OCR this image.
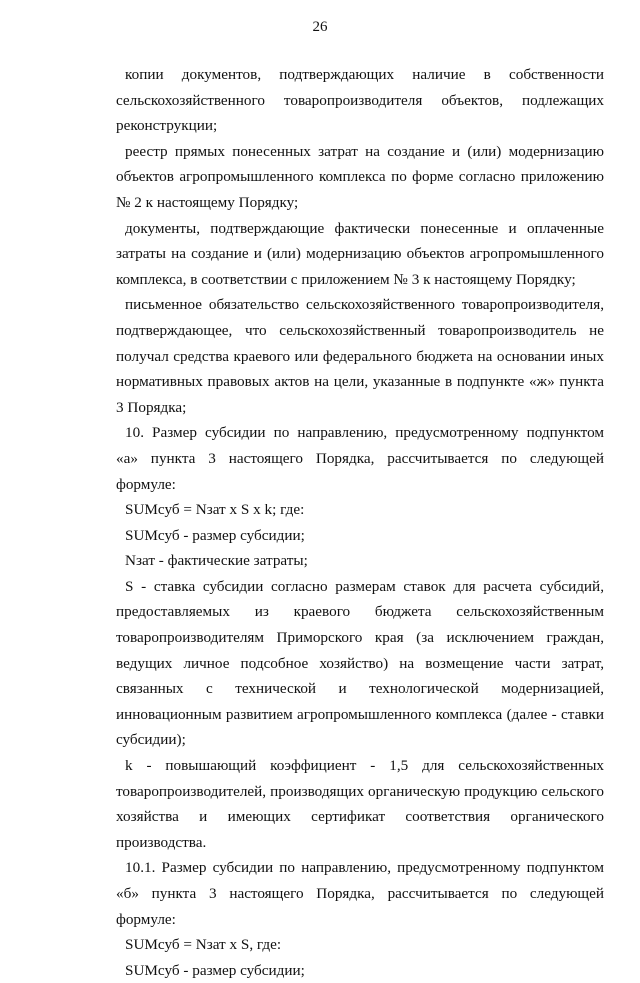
26

копии документов, подтверждающих наличие в собственности сельскохозяйственного товаропроизводителя объектов, подлежащих реконструкции;

реестр прямых понесенных затрат на создание и (или) модернизацию объектов агропромышленного комплекса по форме согласно приложению № 2 к настоящему Порядку;

документы, подтверждающие фактически понесенные и оплаченные затраты на создание и (или) модернизацию объектов агропромышленного комплекса, в соответствии с приложением № 3 к настоящему Порядку;

письменное обязательство сельскохозяйственного товаропроизводителя, подтверждающее, что сельскохозяйственный товаропроизводитель не получал средства краевого или федерального бюджета на основании иных нормативных правовых актов на цели, указанные в подпункте «ж» пункта 3 Порядка;

10. Размер субсидии по направлению, предусмотренному подпунктом «а» пункта 3 настоящего Порядка, рассчитывается по следующей формуле:

SUMсуб = Nзат x S x k; где:

SUMсуб - размер субсидии;

Nзат - фактические затраты;

S - ставка субсидии согласно размерам ставок для расчета субсидий, предоставляемых из краевого бюджета сельскохозяйственным товаропроизводителям Приморского края (за исключением граждан, ведущих личное подсобное хозяйство) на возмещение части затрат, связанных с технической и технологической модернизацией, инновационным развитием агропромышленного комплекса (далее - ставки субсидии);

k - повышающий коэффициент - 1,5 для сельскохозяйственных товаропроизводителей, производящих органическую продукцию сельского хозяйства и имеющих сертификат соответствия органического производства.

10.1. Размер субсидии по направлению, предусмотренному подпунктом «б» пункта 3 настоящего Порядка, рассчитывается по следующей формуле:

SUMсуб = Nзат x S, где:

SUMсуб - размер субсидии;
